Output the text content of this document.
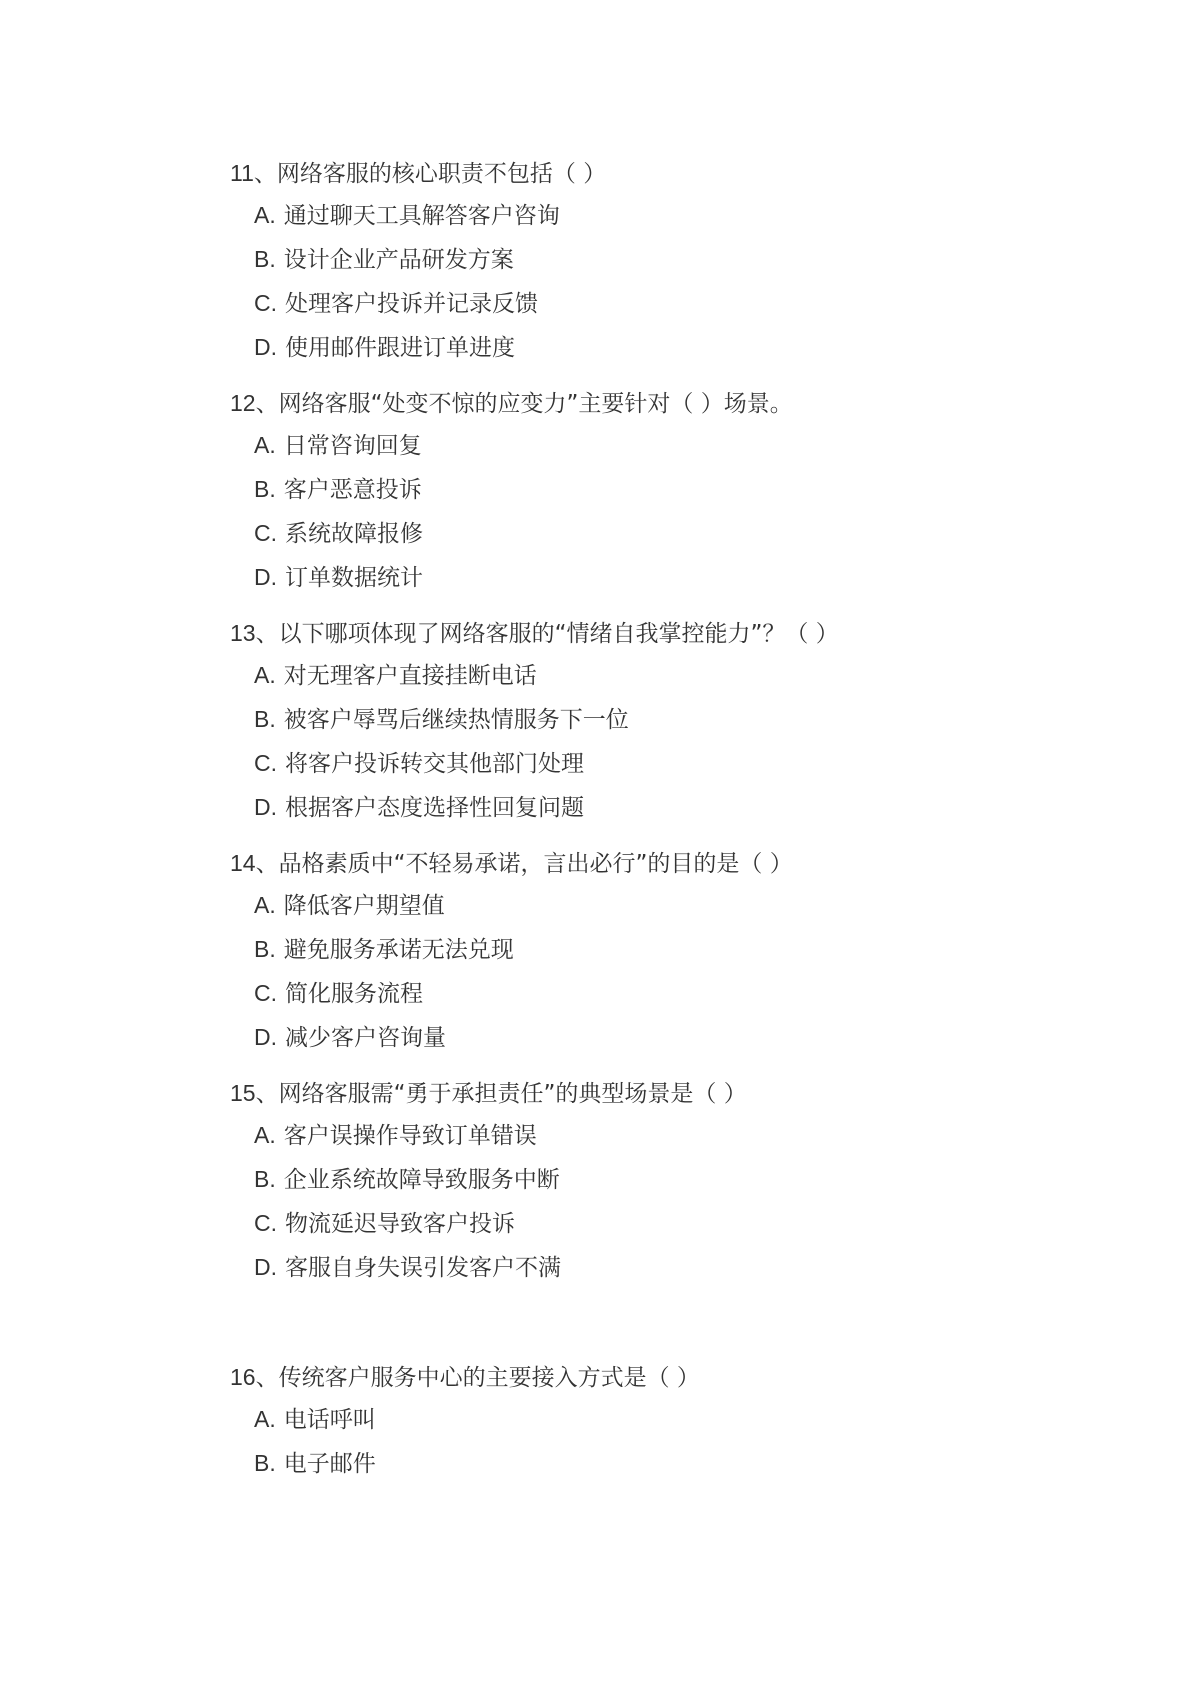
11、网络客服的核心职责不包括（ ）
A. 通过聊天工具解答客户咨询
B. 设计企业产品研发方案
C. 处理客户投诉并记录反馈
D. 使用邮件跟进订单进度
12、网络客服“处变不惊的应变力”主要针对（ ）场景。
A. 日常咨询回复
B. 客户恶意投诉
C. 系统故障报修
D. 订单数据统计
13、以下哪项体现了网络客服的“情绪自我掌控能力”？（ ）
A. 对无理客户直接挂断电话
B. 被客户辱骂后继续热情服务下一位
C. 将客户投诉转交其他部门处理
D. 根据客户态度选择性回复问题
14、品格素质中“不轻易承诺，言出必行”的目的是（ ）
A. 降低客户期望值
B. 避免服务承诺无法兑现
C. 简化服务流程
D. 减少客户咨询量
15、网络客服需“勇于承担责任”的典型场景是（ ）
A. 客户误操作导致订单错误
B. 企业系统故障导致服务中断
C. 物流延迟导致客户投诉
D. 客服自身失误引发客户不满
16、传统客户服务中心的主要接入方式是（ ）
A. 电话呼叫
B. 电子邮件
